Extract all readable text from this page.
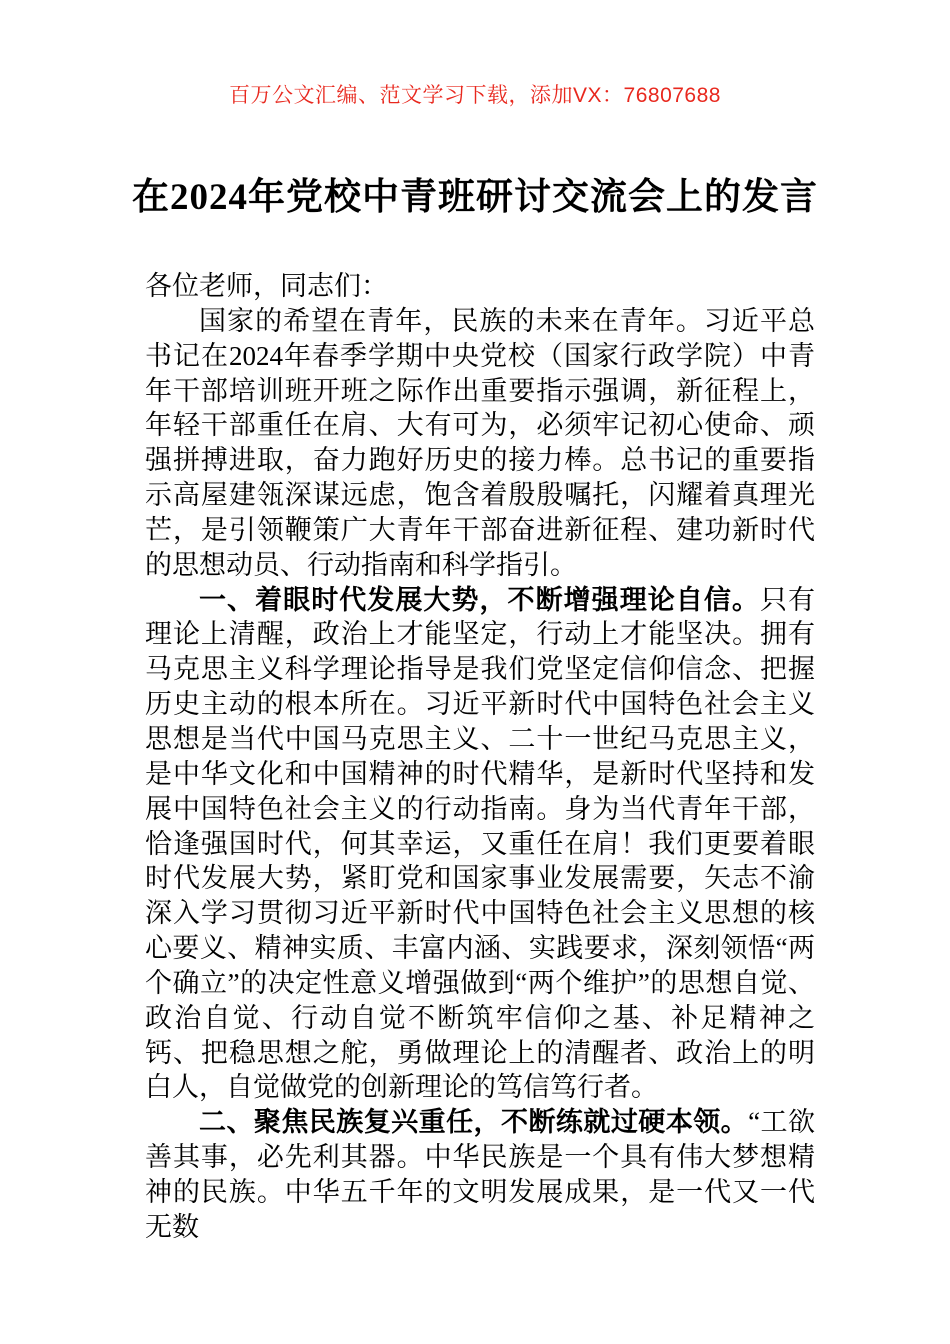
百万公文汇编、范文学习下载，添加VX：76807688
在2024年党校中青班研讨交流会上的发言

各位老师，同志们：

国家的希望在青年，民族的未来在青年。习近平总书记在2024年春季学期中央党校（国家行政学院）中青年干部培训班开班之际作出重要指示强调，新征程上，年轻干部重任在肩、大有可为，必须牢记初心使命、顽强拼搏进取，奋力跑好历史的接力棒。总书记的重要指示高屋建瓴深谋远虑，饱含着殷殷嘱托，闪耀着真理光芒，是引领鞭策广大青年干部奋进新征程、建功新时代的思想动员、行动指南和科学指引。

一、着眼时代发展大势，不断增强理论自信。只有理论上清醒，政治上才能坚定，行动上才能坚决。拥有马克思主义科学理论指导是我们党坚定信仰信念、把握历史主动的根本所在。习近平新时代中国特色社会主义思想是当代中国马克思主义、二十一世纪马克思主义，是中华文化和中国精神的时代精华，是新时代坚持和发展中国特色社会主义的行动指南。身为当代青年干部，恰逢强国时代，何其幸运，又重任在肩！我们更要着眼时代发展大势，紧盯党和国家事业发展需要，矢志不渝深入学习贯彻习近平新时代中国特色社会主义思想的核心要义、精神实质、丰富内涵、实践要求，深刻领悟“两个确立”的决定性意义增强做到“两个维护”的思想自觉、政治自觉、行动自觉不断筑牢信仰之基、补足精神之钙、把稳思想之舵，勇做理论上的清醒者、政治上的明白人，自觉做党的创新理论的笃信笃行者。

二、聚焦民族复兴重任，不断练就过硬本领。“工欲善其事，必先利其器。中华民族是一个具有伟大梦想精神的民族。中华五千年的文明发展成果，是一代又一代无数
